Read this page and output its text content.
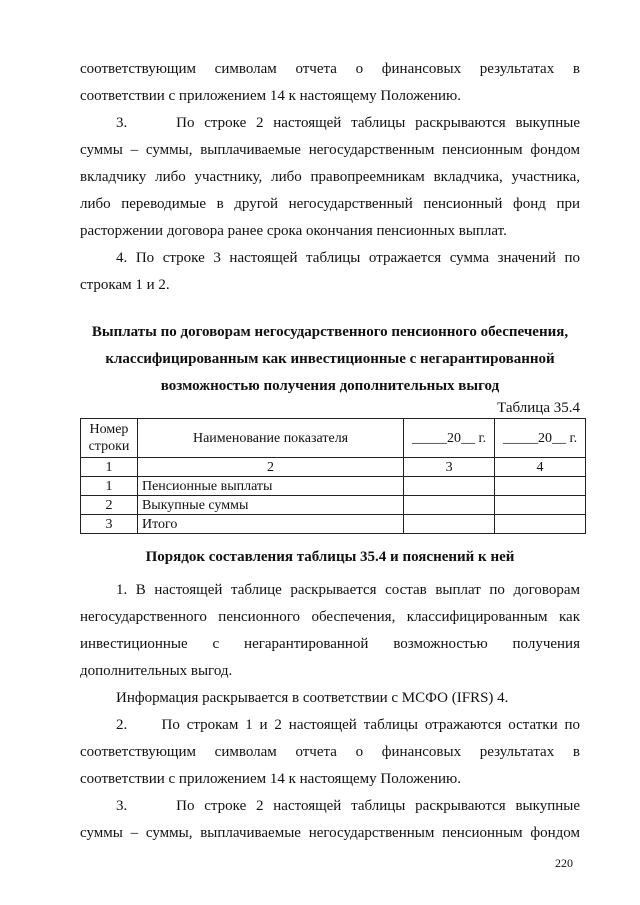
соответствующим символам отчета о финансовых результатах в
соответствии с приложением 14 к настоящему Положению.
3.     По строке 2 настоящей таблицы раскрываются выкупные
суммы – суммы, выплачиваемые негосударственным пенсионным фондом
вкладчику либо участнику, либо правопреемникам вкладчика, участника,
либо переводимые в другой негосударственный пенсионный фонд при
расторжении договора ранее срока окончания пенсионных выплат.
4. По строке 3 настоящей таблицы отражается сумма значений по
строкам 1 и 2.
Выплаты по договорам негосударственного пенсионного обеспечения,
классифицированным как инвестиционные с негарантированной
возможностью получения дополнительных выгод
Таблица 35.4
Номер строки	Наименование показателя	_____20__ г.	_____20__ г.
1	2	3	4
1	Пенсионные выплаты		
2	Выкупные суммы		
3	Итого		
Порядок составления таблицы 35.4 и пояснений к ней
1. В настоящей таблице раскрывается состав выплат по договорам
негосударственного пенсионного обеспечения, классифицированным как
инвестиционные с негарантированной возможностью получения
дополнительных выгод.
Информация раскрывается в соответствии с МСФО (IFRS) 4.
2.     По строкам 1 и 2 настоящей таблицы отражаются остатки по
соответствующим символам отчета о финансовых результатах в
соответствии с приложением 14 к настоящему Положению.
3.     По строке 2 настоящей таблицы раскрываются выкупные
суммы – суммы, выплачиваемые негосударственным пенсионным фондом
220
